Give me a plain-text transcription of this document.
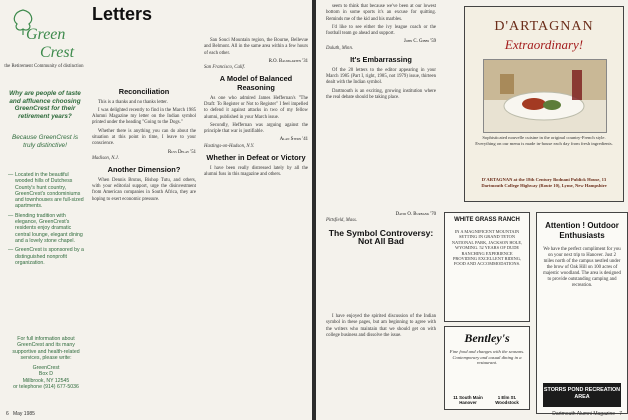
Green
Crest
the Retirement Community of distinction

Why are people of taste and affluence choosing GreenCrest for their retirement years?

Because GreenCrest is truly distinctive!

— Located in the beautiful wooded hills of Dutchess County's hunt country, GreenCrest's condominiums and townhouses are full-sized apartments.
— Blending tradition with elegance, GreenCrest's residents enjoy dramatic central lounge, elegant dining and a lovely stone chapel.
— GreenCrest is sponsored by a distinguished nonprofit organization.

For full information about GreenCrest and its many supportive and health-related services, please write:

GreenCrest
Box D
Millbrook, NY 12545
or telephone (914) 677-5036
Letters
Reconciliation

This is a thanks and no thanks letter.

I was delighted recently to find in the March 1985 Alumni Magazine my letter on the Indian symbol printed under the heading "Going to the Dogs."

Whether there is anything you can do about the situation at this point in time, I leave to your conscience.

Russ Delay '51
Madison, N.J.
Another Dimension?

When Dennis Brutus, Bishop Tutu, and others, with your editorial support, urge the disinvestment from American companies in South Africa, they are hoping to exert economic pressure.

San Souci Mountain region, the Bourne, Bellevue and Belmont. All in the same area within a few hours of each other.

R.O. Baumgarten '31
San Francisco, Calif.
A Model of Balanced Reasoning

As one who admired James Heffernan's "The Draft: To Register or Not to Register" I feel impelled to defend it against attacks in two of my fellow alumni, published in your March issue.

Secondly, Heffernan was arguing against the principle that war is justifiable.

Alan Stern '41
Hastings-on-Hudson, N.Y.
Whether in Defeat or Victory

I have been really distressed lately by all the alumni fuss in this magazine and others.

6 May 1985

seem to think that because we've been at our lowest bottom in some sports it's an excuse for quitting. Reminds me of the kid and his marbles.

I'd like to see either the ivy league coach or the football team go ahead and support.

John C. Gibbs '59
Duluth, Minn.
It's Embarrassing

Of the 20 letters to the editor appearing in your March 1985 (Part I, right, 1985, not 1979) issue, thirteen dealt with the Indian symbol.

Dartmouth is an exciting, growing institution where the real debate should be taking place.

David O. Burbank '70
Pittsfield, Mass.
The Symbol Controversy: Not All Bad

I have enjoyed the spirited discussion of the Indian symbol in these pages, but am beginning to agree with the writers who maintain that we should get on with college business and dissolve the issue.

D'ARTAGNAN
Extraordinary!
Sophisticated nouvelle cuisine in the original country-French style. Everything on our menu is made in-house each day from fresh ingredients.
D'ARTAGNAN at the 18th Century Bodnani Publick House, 13 Dartmouth College Highway (Route 10), Lyme, New Hampshire
WHITE GRASS RANCH
IN A MAGNIFICENT MOUNTAIN SETTING IN GRAND TETON NATIONAL PARK, JACKSON HOLE, WYOMING. 52 YEARS OF DUDE RANCHING EXPERIENCE PROVIDING EXCELLENT RIDING, FOOD AND ACCOMMODATIONS.
Attention ! Outdoor Enthusiasts
We have the perfect compliment for you on your next trip to Hanover. Just 2 miles north of the campus nestled under the brow of Oak Hill on 100 acres of majestic woodland. The area is designed to provide outstanding camping and recreation.
STORRS POND RECREATION AREA
Bentley's
Fine food and changes with the seasons. Contemporary and casual dining in a restaurant.
11 South Main Hanover
1 Elm St. Woodstock
Dartmouth Alumni Magazine 7
